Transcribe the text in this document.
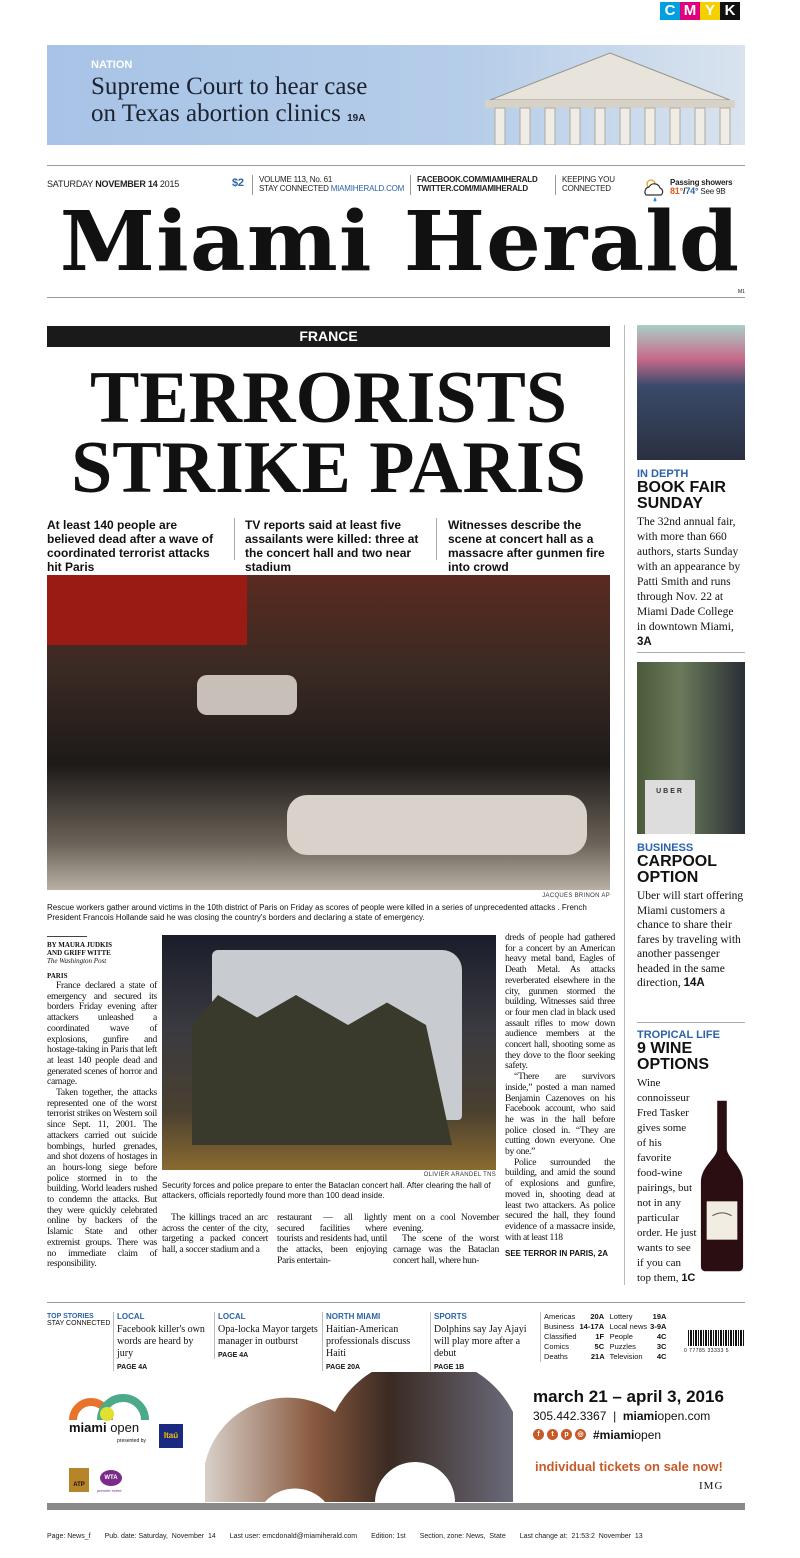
C M Y K
NATION
Supreme Court to hear case
on Texas abortion clinics 19A
SATURDAY NOVEMBER 14 2015	$2 VOLUME 113, No. 61
STAY CONNECTED MIAMIHERALD.COM
FACEBOOK.COM/MIAMIHERALD
TWITTER.COM/MIAMIHERALD
KEEPING YOU
CONNECTED
Passing showers
81°/74° See 9B
Miami Herald
M1
FRANCE
TERRORISTS
STRIKE PARIS
At least 140 people are believed dead after a wave of coordinated terrorist attacks hit Paris
TV reports said at least five assailants were killed: three at the concert hall and two near stadium
Witnesses describe the scene at concert hall as a massacre after gunmen fire into crowd
JACQUES BRINON AP
Rescue workers gather around victims in the 10th district of Paris on Friday as scores of people were killed in a series of unprecedented attacks . French President Francois Hollande said he was closing the country's borders and declaring a state of emergency.
BY MAURA JUDKIS
AND GRIFF WITTE
The Washington Post
PARIS

France declared a state of emergency and secured its borders Friday evening after attackers unleashed a coordinated wave of explosions, gunfire and hostage-taking in Paris that left at least 140 people dead and generated scenes of horror and carnage.

Taken together, the attacks represented one of the worst terrorist strikes on Western soil since Sept. 11, 2001. The attackers carried out suicide bombings, hurled grenades, and shot dozens of hostages in an hours-long siege before police stormed in to the building. World leaders rushed to condemn the attacks. But they were quickly celebrated online by backers of the Islamic State and other extremist groups. There was no immediate claim of responsibility.

OLIVIER ARANDEL TNS
Security forces and police prepare to enter the Bataclan concert hall. After clearing the hall of attackers, officials reportedly found more than 100 dead inside.

The killings traced an arc across the center of the city, targeting a packed concert hall, a soccer stadium and a

restaurant — all lightly secured facilities where tourists and residents had, until the attacks, been enjoying Paris entertain-

ment on a cool November evening.

The scene of the worst carnage was the Bataclan concert hall, where hun-

dreds of people had gathered for a concert by an American heavy metal band, Eagles of Death Metal. As attacks reverberated elsewhere in the city, gunmen stormed the building. Witnesses said three or four men clad in black used assault rifles to mow down audience members at the concert hall, shooting some as they dove to the floor seeking safety.

“There are survivors inside,” posted a man named Benjamin Cazenoves on his Facebook account, who said he was in the hall before police closed in. “They are cutting down everyone. One by one.”

Police surrounded the building, and amid the sound of explosions and gunfire, moved in, shooting dead at least two attackers. As police secured the hall, they found evidence of a massacre inside, with at least 118

SEE TERROR IN PARIS, 2A
IN DEPTH
BOOK FAIR
SUNDAY
The 32nd annual fair, with more than 660 authors, starts Sunday with an appearance by Patti Smith and runs through Nov. 22 at Miami Dade College in downtown Miami, 3A
UBER
BUSINESS
CARPOOL
OPTION
Uber will start offering Miami customers a chance to share their fares by traveling with another passenger headed in the same direction, 14A
TROPICAL LIFE
9 WINE
OPTIONS
Wine connoisseur Fred Tasker gives some of his favorite food-wine pairings, but not in any particular order. He just wants to see if you can top them, 1C
TOP STORIES
STAY CONNECTED
LOCAL
Facebook killer's own words are heard by jury
PAGE 4A
LOCAL
Opa-locka Mayor targets manager in outburst
PAGE 4A
NORTH MIAMI
Haitian-American professionals discuss Haiti
PAGE 20A
SPORTS
Dolphins say Jay Ajayi will play more after a debut
PAGE 1B
Americas	20A	Lottery	19A
Business	14-17A	Local news	3-9A
Classified	1F	People	4C
Comics	5C	Puzzles	3C
Deaths	21A	Television	4C
0 77785 33333 5
miami open
presented by
Itaú
ATP
WTA
premier event
march 21 – april 3, 2016
305.442.3367  |  miamiopen.com
f	t	p	◎ #miamiopen
individual tickets on sale now!
IMG
Page: News_f Pub. date: Saturday,  November  14 Last user: emcdonald@miamiherald.com Edition: 1st Section, zone: News,  State Last change at:  21:53:2  November  13
